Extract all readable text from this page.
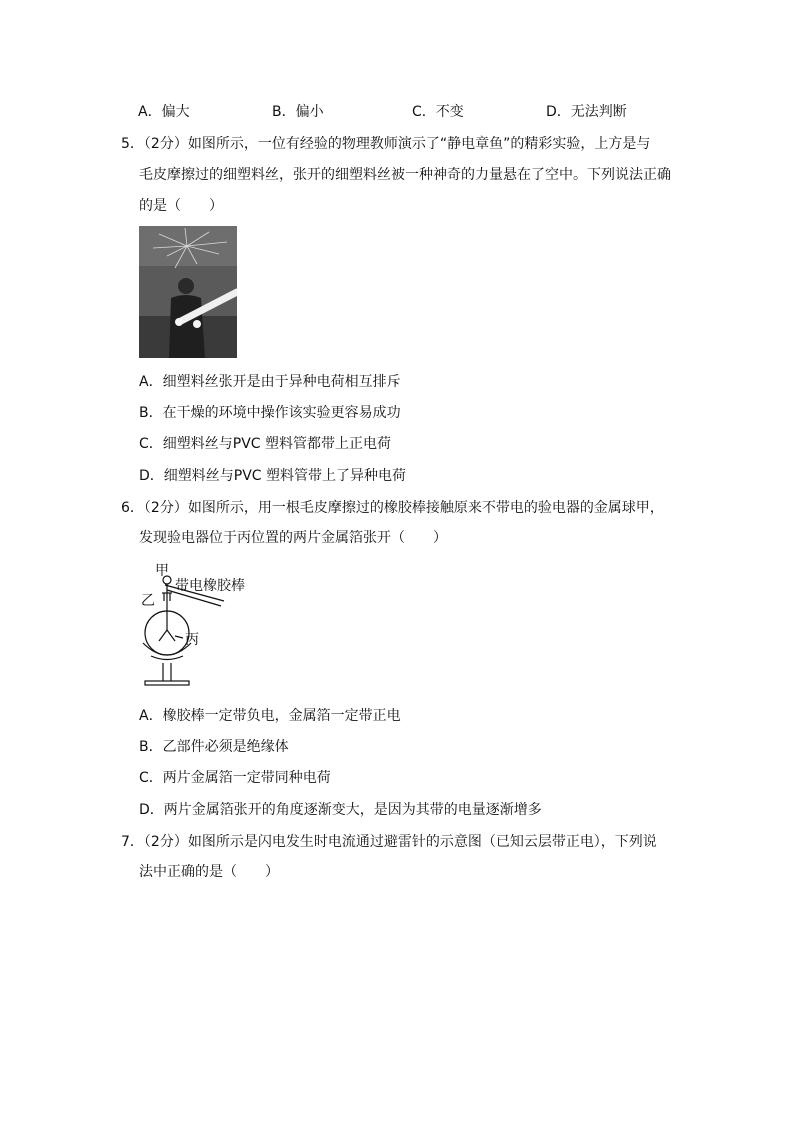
A．偏大	B．偏小	C．不变	D．无法判断
5．（2分）如图所示，一位有经验的物理教师演示了“静电章鱼”的精彩实验，上方是与
毛皮摩擦过的细塑料丝，张开的细塑料丝被一种神奇的力量悬在了空中。下列说法正确
的是（　　）
A．细塑料丝张开是由于异种电荷相互排斥
B．在干燥的环境中操作该实验更容易成功
C．细塑料丝与PVC 塑料管都带上正电荷
D．细塑料丝与PVC 塑料管带上了异种电荷
6．（2分）如图所示，用一根毛皮摩擦过的橡胶棒接触原来不带电的验电器的金属球甲，
发现验电器位于丙位置的两片金属箔张开（　　）
甲
带电橡胶棒
乙
丙
A．橡胶棒一定带负电，金属箔一定带正电
B．乙部件必须是绝缘体
C．两片金属箔一定带同种电荷
D．两片金属箔张开的角度逐渐变大，是因为其带的电量逐渐增多
7．（2分）如图所示是闪电发生时电流通过避雷针的示意图（已知云层带正电），下列说
法中正确的是（　　）
